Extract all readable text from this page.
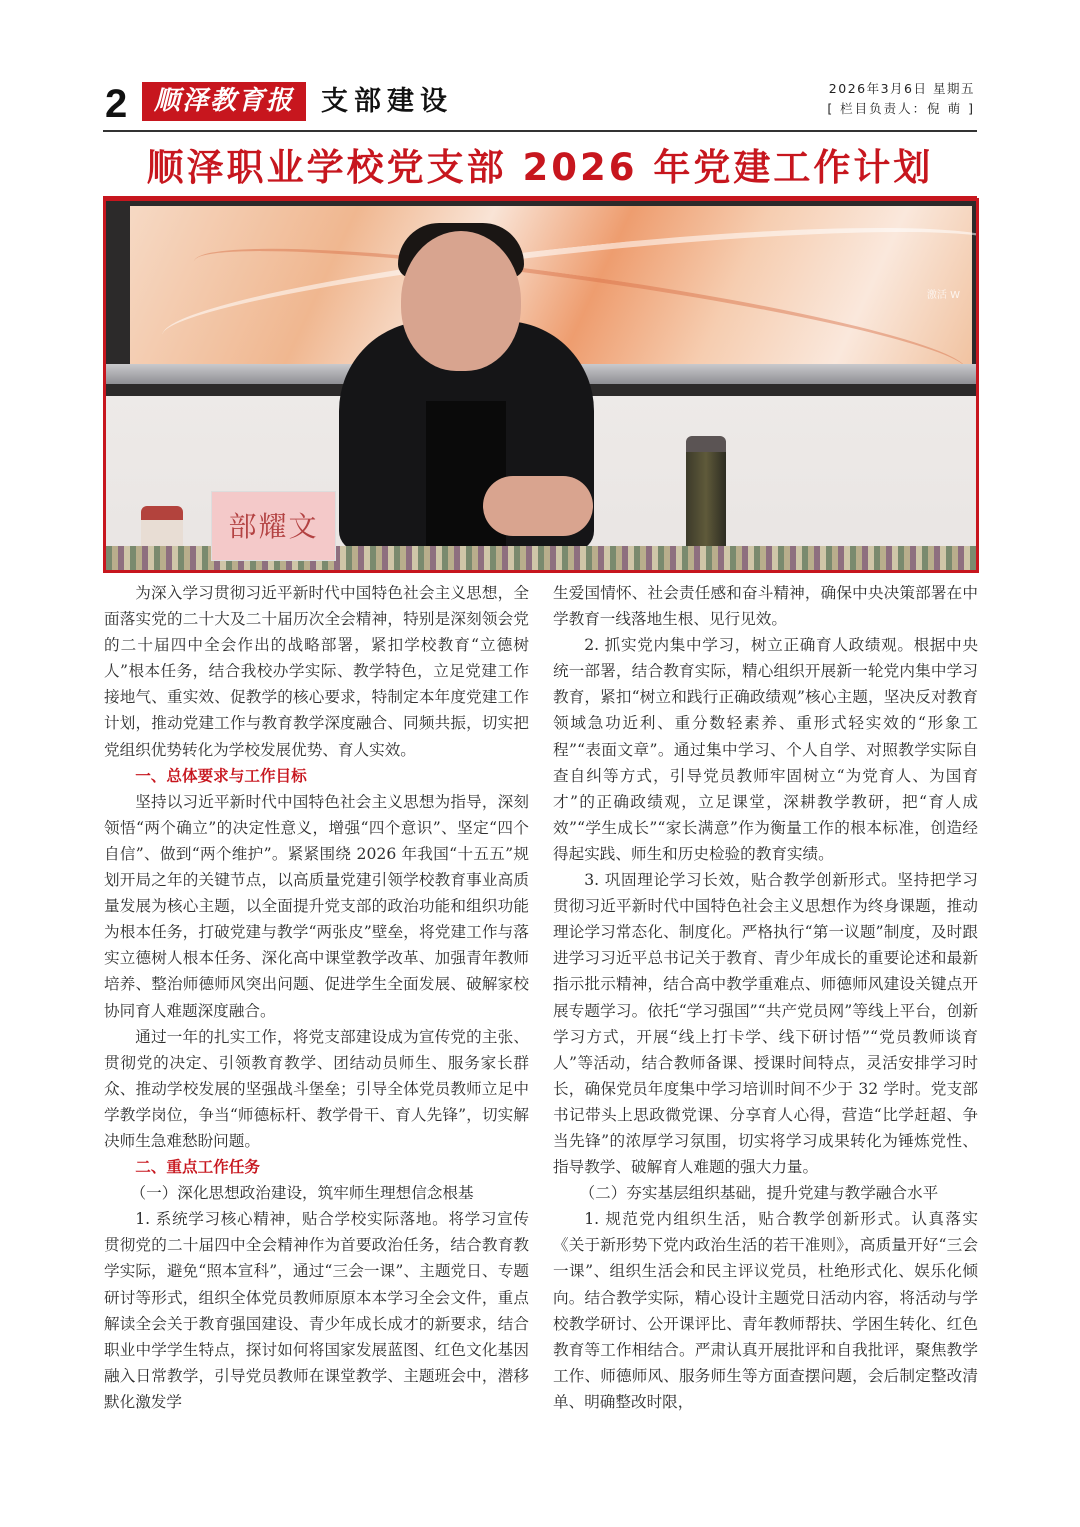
2	顺泽教育报	支部建设	2026年3月6日 星期五
[ 栏目负责人：倪 萌 ]
顺泽职业学校党支部 2026 年党建工作计划
激活 W
部耀文

为深入学习贯彻习近平新时代中国特色社会主义思想，全面落实党的二十大及二十届历次全会精神，特别是深刻领会党的二十届四中全会作出的战略部署，紧扣学校教育“立德树人”根本任务，结合我校办学实际、教学特色，立足党建工作接地气、重实效、促教学的核心要求，特制定本年度党建工作计划，推动党建工作与教育教学深度融合、同频共振，切实把党组织优势转化为学校发展优势、育人实效。

一、总体要求与工作目标

坚持以习近平新时代中国特色社会主义思想为指导，深刻领悟“两个确立”的决定性意义，增强“四个意识”、坚定“四个自信”、做到“两个维护”。紧紧围绕 2026 年我国“十五五”规划开局之年的关键节点，以高质量党建引领学校教育事业高质量发展为核心主题，以全面提升党支部的政治功能和组织功能为根本任务，打破党建与教学“两张皮”壁垒，将党建工作与落实立德树人根本任务、深化高中课堂教学改革、加强青年教师培养、整治师德师风突出问题、促进学生全面发展、破解家校协同育人难题深度融合。

通过一年的扎实工作，将党支部建设成为宣传党的主张、贯彻党的决定、引领教育教学、团结动员师生、服务家长群众、推动学校发展的坚强战斗堡垒；引导全体党员教师立足中学教学岗位，争当“师德标杆、教学骨干、育人先锋”，切实解决师生急难愁盼问题。

二、重点工作任务
（一）深化思想政治建设，筑牢师生理想信念根基

1. 系统学习核心精神，贴合学校实际落地。将学习宣传贯彻党的二十届四中全会精神作为首要政治任务，结合教育教学实际，避免“照本宣科”，通过“三会一课”、主题党日、专题研讨等形式，组织全体党员教师原原本本学习全会文件，重点解读全会关于教育强国建设、青少年成长成才的新要求，结合职业中学学生特点，探讨如何将国家发展蓝图、红色文化基因融入日常教学，引导党员教师在课堂教学、主题班会中，潜移默化激发学

生爱国情怀、社会责任感和奋斗精神，确保中央决策部署在中学教育一线落地生根、见行见效。

2. 抓实党内集中学习，树立正确育人政绩观。根据中央统一部署，结合教育实际，精心组织开展新一轮党内集中学习教育，紧扣“树立和践行正确政绩观”核心主题，坚决反对教育领域急功近利、重分数轻素养、重形式轻实效的“形象工程”“表面文章”。通过集中学习、个人自学、对照教学实际自查自纠等方式，引导党员教师牢固树立“为党育人、为国育才”的正确政绩观，立足课堂，深耕教学教研，把“育人成效”“学生成长”“家长满意”作为衡量工作的根本标准，创造经得起实践、师生和历史检验的教育实绩。

3. 巩固理论学习长效，贴合教学创新形式。坚持把学习贯彻习近平新时代中国特色社会主义思想作为终身课题，推动理论学习常态化、制度化。严格执行“第一议题”制度，及时跟进学习习近平总书记关于教育、青少年成长的重要论述和最新指示批示精神，结合高中教学重难点、师德师风建设关键点开展专题学习。依托“学习强国”“共产党员网”等线上平台，创新学习方式，开展“线上打卡学、线下研讨悟”“党员教师谈育人”等活动，结合教师备课、授课时间特点，灵活安排学习时长，确保党员年度集中学习培训时间不少于 32 学时。党支部书记带头上思政微党课、分享育人心得，营造“比学赶超、争当先锋”的浓厚学习氛围，切实将学习成果转化为锤炼党性、指导教学、破解育人难题的强大力量。

（二）夯实基层组织基础，提升党建与教学融合水平

1. 规范党内组织生活，贴合教学创新形式。认真落实《关于新形势下党内政治生活的若干准则》，高质量开好“三会一课”、组织生活会和民主评议党员，杜绝形式化、娱乐化倾向。结合教学实际，精心设计主题党日活动内容，将活动与学校教学研讨、公开课评比、青年教师帮扶、学困生转化、红色教育等工作相结合。严肃认真开展批评和自我批评，聚焦教学工作、师德师风、服务师生等方面查摆问题，会后制定整改清单、明确整改时限，
